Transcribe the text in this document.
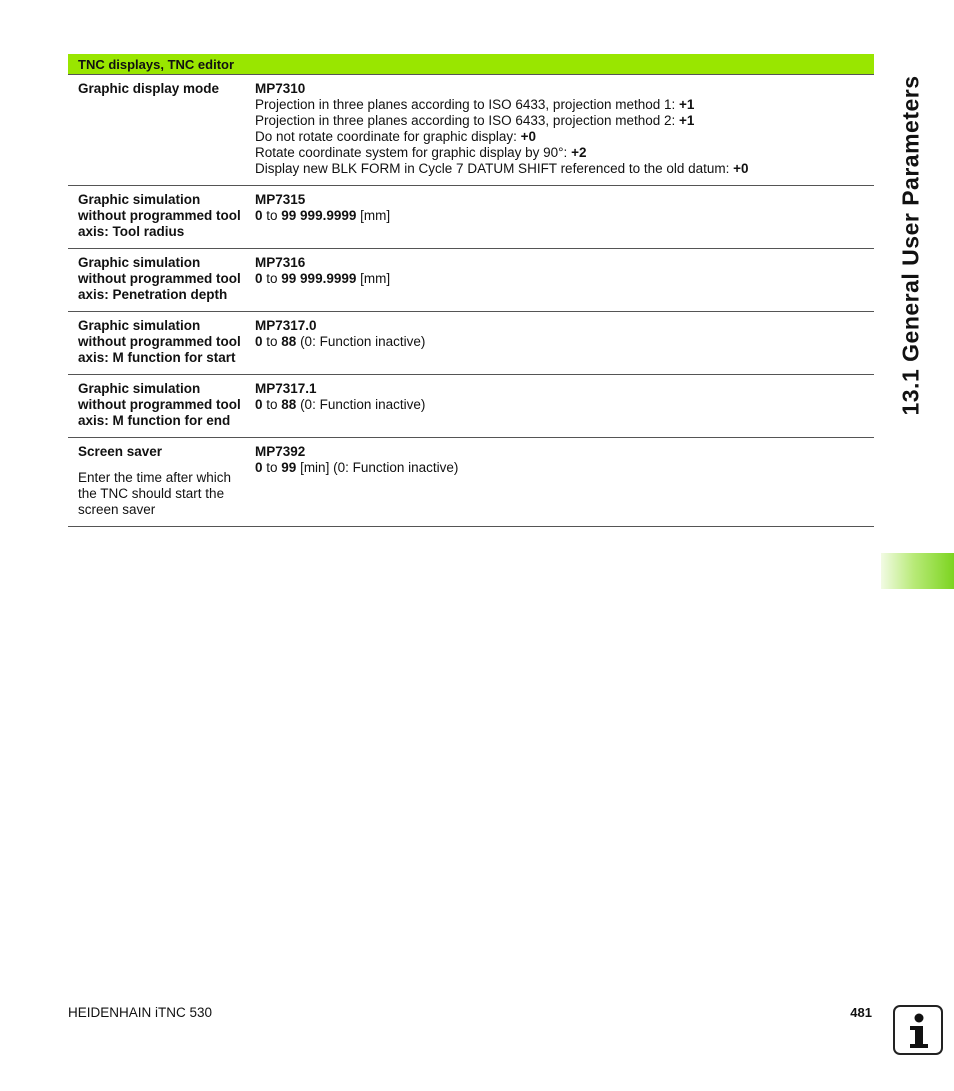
TNC displays, TNC editor
Graphic display mode	MP7310
Projection in three planes according to ISO 6433, projection method 1: +1
Projection in three planes according to ISO 6433, projection method 2: +1
Do not rotate coordinate for graphic display: +0
Rotate coordinate system for graphic display by 90°: +2
Display new BLK FORM in Cycle 7 DATUM SHIFT referenced to the old datum: +0
Graphic simulation without programmed tool axis: Tool radius
MP7315
0 to 99 999.9999 [mm]
Graphic simulation without programmed tool axis: Penetration depth
MP7316
0 to 99 999.9999 [mm]
Graphic simulation without programmed tool axis: M function for start
MP7317.0
0 to 88 (0: Function inactive)
Graphic simulation without programmed tool axis: M function for end
MP7317.1
0 to 88 (0: Function inactive)
Screen saver
Enter the time after which the TNC should start the screen saver
MP7392
0 to 99 [min] (0: Function inactive)
13.1 General User Parameters
HEIDENHAIN iTNC 530	481
